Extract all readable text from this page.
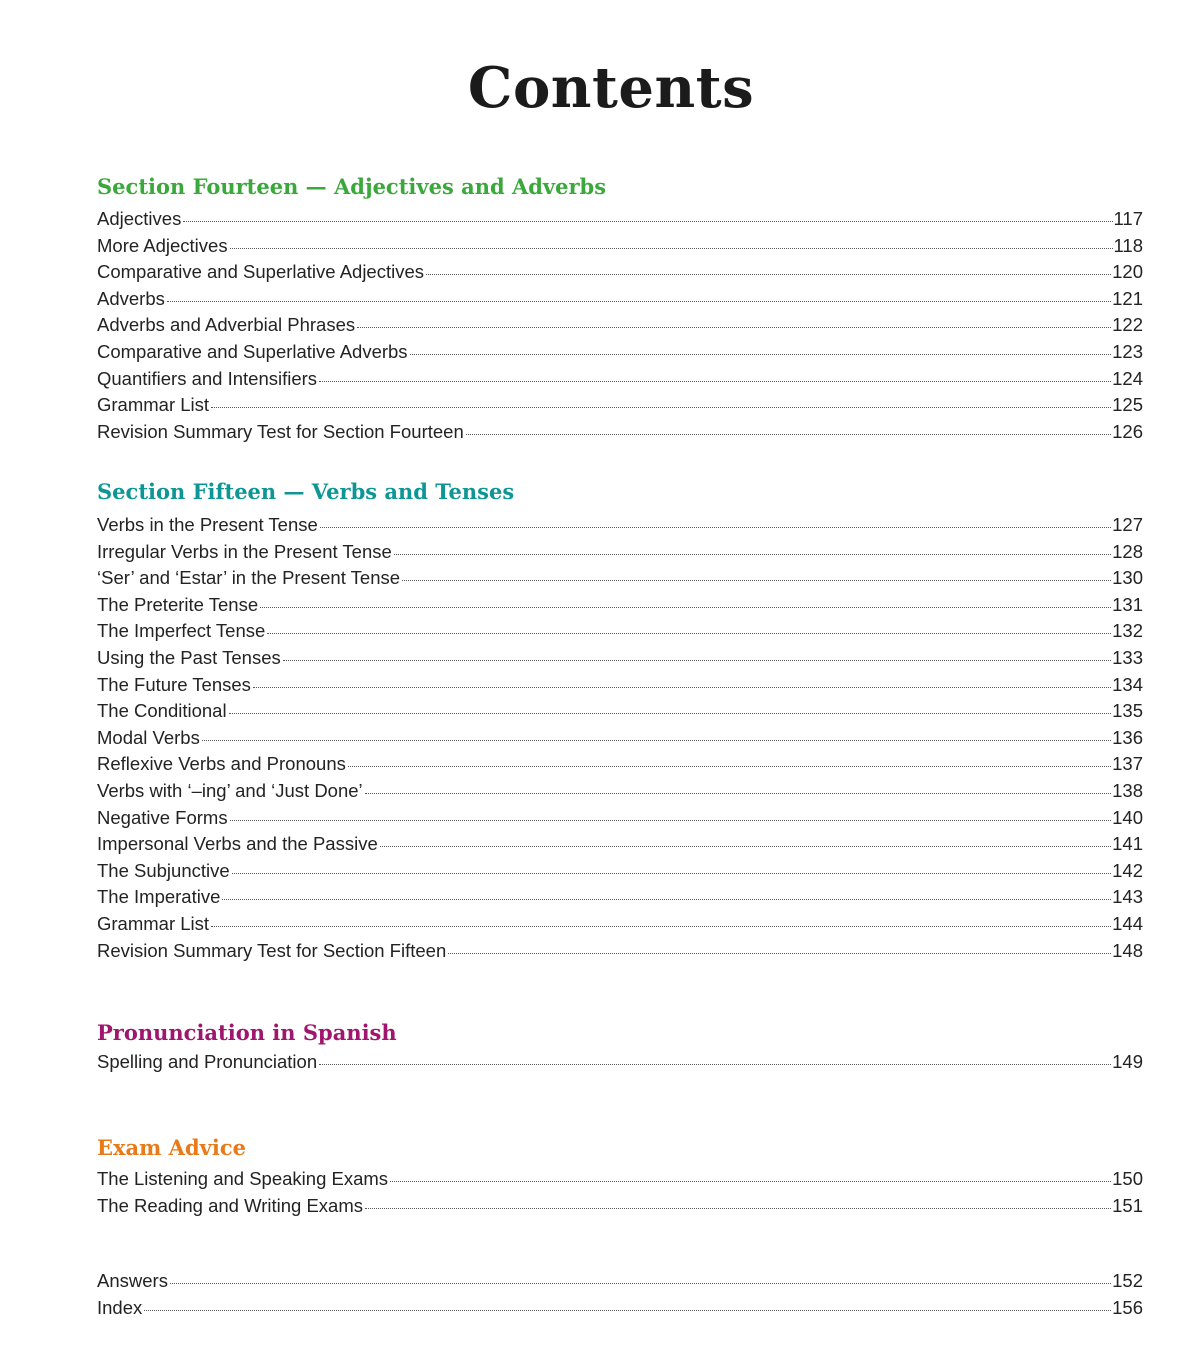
Contents
Section Fourteen — Adjectives and Adverbs
Adjectives	117
More Adjectives	118
Comparative and Superlative Adjectives	120
Adverbs	121
Adverbs and Adverbial Phrases	122
Comparative and Superlative Adverbs	123
Quantifiers and Intensifiers	124
Grammar List	125
Revision Summary Test for Section Fourteen	126
Section Fifteen — Verbs and Tenses
Verbs in the Present Tense	127
Irregular Verbs in the Present Tense	128
‘Ser’ and ‘Estar’ in the Present Tense	130
The Preterite Tense	131
The Imperfect Tense	132
Using the Past Tenses	133
The Future Tenses	134
The Conditional	135
Modal Verbs	136
Reflexive Verbs and Pronouns	137
Verbs with ‘–ing’ and ‘Just Done’	138
Negative Forms	140
Impersonal Verbs and the Passive	141
The Subjunctive	142
The Imperative	143
Grammar List	144
Revision Summary Test for Section Fifteen	148
Pronunciation in Spanish
Spelling and Pronunciation	149
Exam Advice
The Listening and Speaking Exams	150
The Reading and Writing Exams	151
Answers	152
Index	156
